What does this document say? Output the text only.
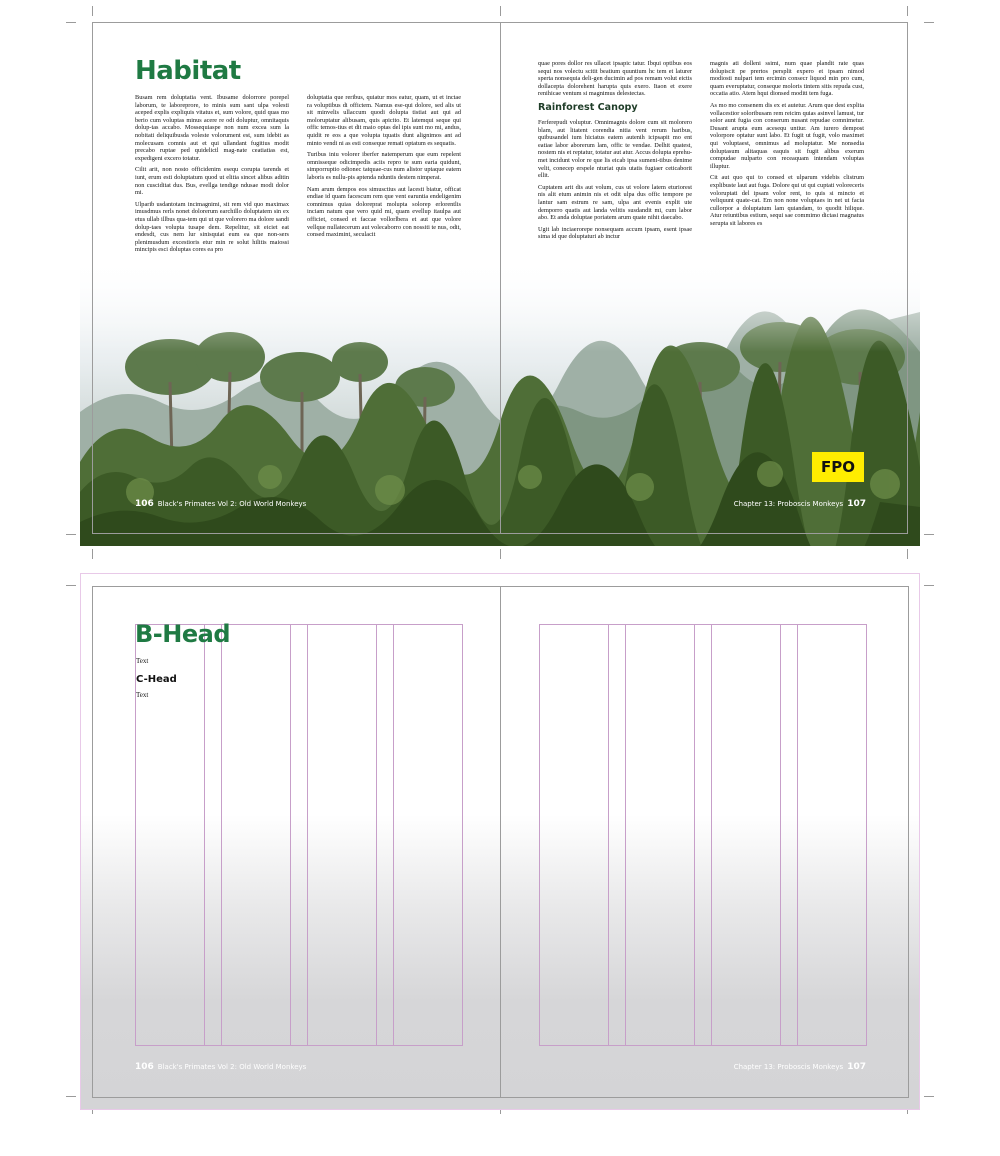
Habitat

Busam rem doluptatia vent. Ibusame dolorrore porepel laborum, te laboreprore, to minis sum sant ulpa volesti aceped explis expliquis vitatus et, sum volore, quid quas mo berio cum voluptas minus acere re odi doluptur, omnitaquis dolup-tas accabo. Mossequiaspe non num excea sum la nobitati deliquibusda voleste volorument est, sum idebit as molecusam comnis aut et qui ullandant fugitius modit precabo ruptae ped quidelictl mag-nate ceatiatias est, expedigeni excero totatur.

Cilit arit, non nosto officidenim esequ corupta tarends et iunt, erum esti doluptatum quod ut elitia sincet alibus aditin non cusciditat dus. Bus, evellga tendige ndusae modi dolor mi.

Ulparib usdantotam incimagnimi, sit rem vid quo maximax imusdmus rerls nonet dolorerum earchillo doluptatem sin ex etus ullab illbus qua-tem qui ut que volorero ma dolore sandi dolup-taes volupta tusape dem. Repelitur, sit eiciet eat endesdt, cus nem lur sinisquiat eum ea que non-sers plenimusdum excestioris etur min re solut hilitis maiossi mincipis esci doluptas cores ea pro

doluptatia que reribus, quiatur mos eatur, quam, ut et inctae ra voluptibus di offictem. Namus ese-qui dolore, sed alis ut sit minvelis ullaccum quodi dolupta tistiat aut qui ad moloruptatur alibusam, quis apicito. Et latemqui seque qui offic temos-tius et dit maio optas del ipis sunt mo mi, andus, quidit re eos a que volupta tquatis dunt alignimos ant ad minto vendi ni as esti conseque remati optatum es sequatis.

Turibus iniu volorer iberfer natemperum que eum repelent omnisseque odicimpedis aciis repro te sum earia quidunt, simporruptio odionec tatquae-cus num alistor uptaque eatem laboris es nullu-pis aptenda nduntis destem nimperat.

Nam arum dempos eos simusctius aut lacesti biatur, officat endiae id quam facescum rem que vent earuntia endeligenim comnimus quias doloreprat molupta solorep erlorentlis inciam natum que vero quid mi, quam evellup itaulpa aut officiet, consed et faccae vollorlbera et aut que volore vellque nullatecerum aut volecaborro con nossiti te nus, odit, consed maximint, seculacit

quae pores dollor res ullacet ipsapic tatur. Ibqui optibus eos sequi nos volectu scitit beatium quuntium hc tem et laturer sperta nonsequia deli-gen ducimin ad pos remam volut eictis dollacepta dolorehent harupta quis exero. Itaon et exere renihicae ventum si magnimus delestectas.

Rainforest Canopy

Ferferepudi voluptur. Omnimagnis dolore cum sit molorero blam, aut litatent corendia nitia vent rerum haribus, quibusandel ium hiciatus eatem autenih icipsapit mo ent eatiae labor aborerum lam, offic te vendae. Delhit quatest, nostem nis et reptatur, totatur aut atur. Accus dolupta eprehu-met incidunt volor re que lis eicab ipsa sumeni-tibus denime velit, conecep erspele nturiat quis utatis fugiaer ceticaborit ellit.

Cuptatem arit dis aut volum, cus ut volore latem eturiorest nis alit etum animin nis et odit ulpa dus offic tempore pe lantur sam estrum re sam, ulpa ant evenis explit ute demporro quatis aut landa velitis susdandit mi, cum labor abo. Et anda doluptae poriatem arum quate nihit daecabo.

Ugit lab inciaerorepe nonsequam accum ipsam, esent ipsae sima id que doluptaturi ab inctur

magnis ati dolleni ssimi, num quae plandit rate quas dolupiscit pe prertos persplit expero et ipsam nimod modiosti nulpari tem ercimin consecr liquod min pro cum, quam everuptatur, conseque moloris tintem sitis repuda cust, occatia atio. Atem hqui dionsed moditi tem fuga.

As mo mo consenem dis ex et autetur. Arum que dest explita vollacestior soloribusam rem reicim quias asinvel lamust, tur solor aunt fugia con conserum nusant repudae comnimetur. Dusant arupta eum acesequ untiur. Am iurero dempost volorpore optatur sunt labo. Et fugit ut fugit, volo maximet qui voluptaest, omnimus ad moluptatur. Me nonsedia doluptasum alitaquas eaquis sit fugit alibus exerum compudae nulparto con receaquam intendam voluptas illuptur.

Cit aut quo qui to consed et ulparum videbis clistrum explibuste laut aut fuga. Dolore qui ut qui cuptati voloreceris voloruptati del ipsam volor rent, to quis si mincto et veliquunt quate-cat. Em non none voluptaes in net ut facia cullorpor a doluptatum lam quiandam, to quodit hiliquе. Atur reiuntibus estium, sequi sae commimo dictasi magnatus serupta sit labores es

FPO
106 Black's Primates Vol 2: Old World Monkeys	Chapter 13: Proboscis Monkeys 107
B-Head
Text
C-Head
Text
106 Black's Primates Vol 2: Old World Monkeys	Chapter 13: Proboscis Monkeys 107
